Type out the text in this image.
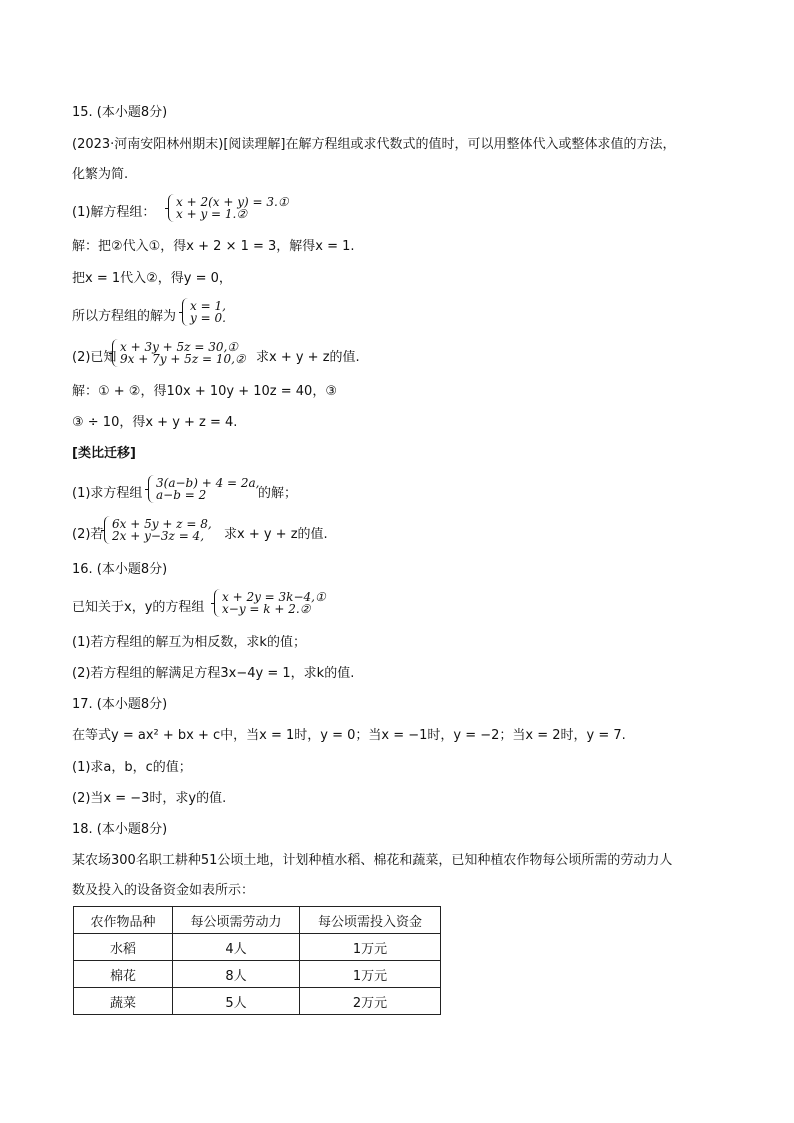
15. (本小题8分)
(2023·河南安阳林州期末)[阅读理解]在解方程组或求代数式的值时，可以用整体代入或整体求值的方法，
化繁为简.
(1)解方程组：
x + 2(x + y) = 3.①
x + y = 1.②
解：把②代入①，得x + 2 × 1 = 3，解得x = 1.
把x = 1代入②，得y = 0，
所以方程组的解为
x = 1,
y = 0.
(2)已知
x + 3y + 5z = 30,①
9x + 7y + 5z = 10,② 求x + y + z的值.
解：① + ②，得10x + 10y + 10z = 40，③
③ ÷ 10，得x + y + z = 4.
[类比迁移]
(1)求方程组
3(a−b) + 4 = 2a,
a−b = 2	的解；
(2)若
6x + 5y + z = 8,
2x + y−3z = 4,	求x + y + z的值.
16. (本小题8分)
已知关于x，y的方程组
x + 2y = 3k−4,①
x−y = k + 2.②
(1)若方程组的解互为相反数，求k的值；
(2)若方程组的解满足方程3x−4y = 1，求k的值.
17. (本小题8分)
在等式y = ax² + bx + c中，当x = 1时，y = 0；当x = −1时，y = −2；当x = 2时，y = 7.
(1)求a，b，c的值；
(2)当x = −3时，求y的值.
18. (本小题8分)
某农场300名职工耕种51公顷土地，计划种植水稻、棉花和蔬菜，已知种植农作物每公顷所需的劳动力人
数及投入的设备资金如表所示：
农作物品种	每公顷需劳动力	每公顷需投入资金
水稻	4人	1万元
棉花	8人	1万元
蔬菜	5人	2万元
